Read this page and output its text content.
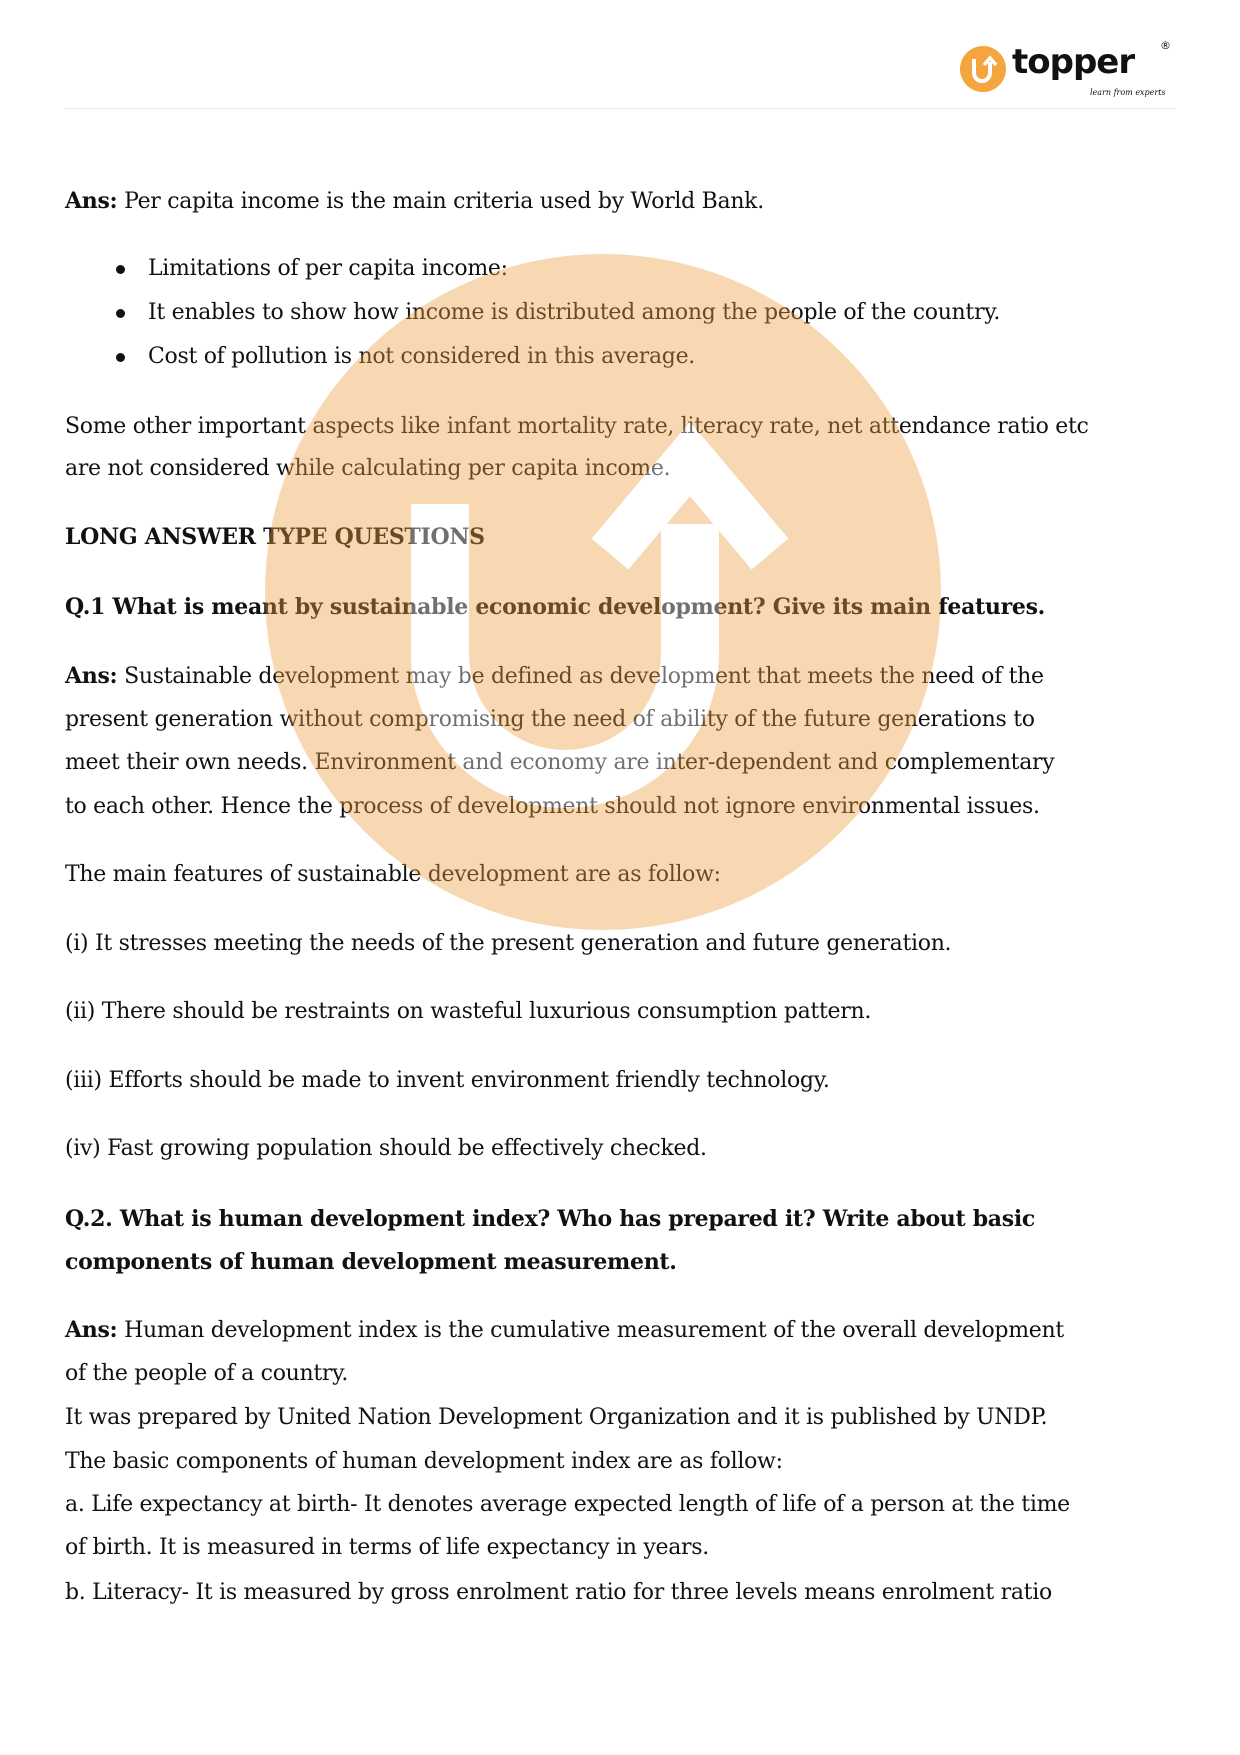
topper ®
learn from experts
Ans: Per capita income is the main criteria used by World Bank.
Limitations of per capita income:
It enables to show how income is distributed among the people of the country.
Cost of pollution is not considered in this average.
Some other important aspects like infant mortality rate, literacy rate, net attendance ratio etc
are not considered while calculating per capita income.
LONG ANSWER TYPE QUESTIONS
Q.1 What is meant by sustainable economic development? Give its main features.
Ans: Sustainable development may be defined as development that meets the need of the
present generation without compromising the need of ability of the future generations to
meet their own needs. Environment and economy are inter-dependent and complementary
to each other. Hence the process of development should not ignore environmental issues.
The main features of sustainable development are as follow:
(i) It stresses meeting the needs of the present generation and future generation.
(ii) There should be restraints on wasteful luxurious consumption pattern.
(iii) Efforts should be made to invent environment friendly technology.
(iv) Fast growing population should be effectively checked.
Q.2. What is human development index? Who has prepared it? Write about basic
components of human development measurement.
Ans: Human development index is the cumulative measurement of the overall development
of the people of a country.
It was prepared by United Nation Development Organization and it is published by UNDP.
The basic components of human development index are as follow:
a. Life expectancy at birth- It denotes average expected length of life of a person at the time
of birth. It is measured in terms of life expectancy in years.
b. Literacy- It is measured by gross enrolment ratio for three levels means enrolment ratio
